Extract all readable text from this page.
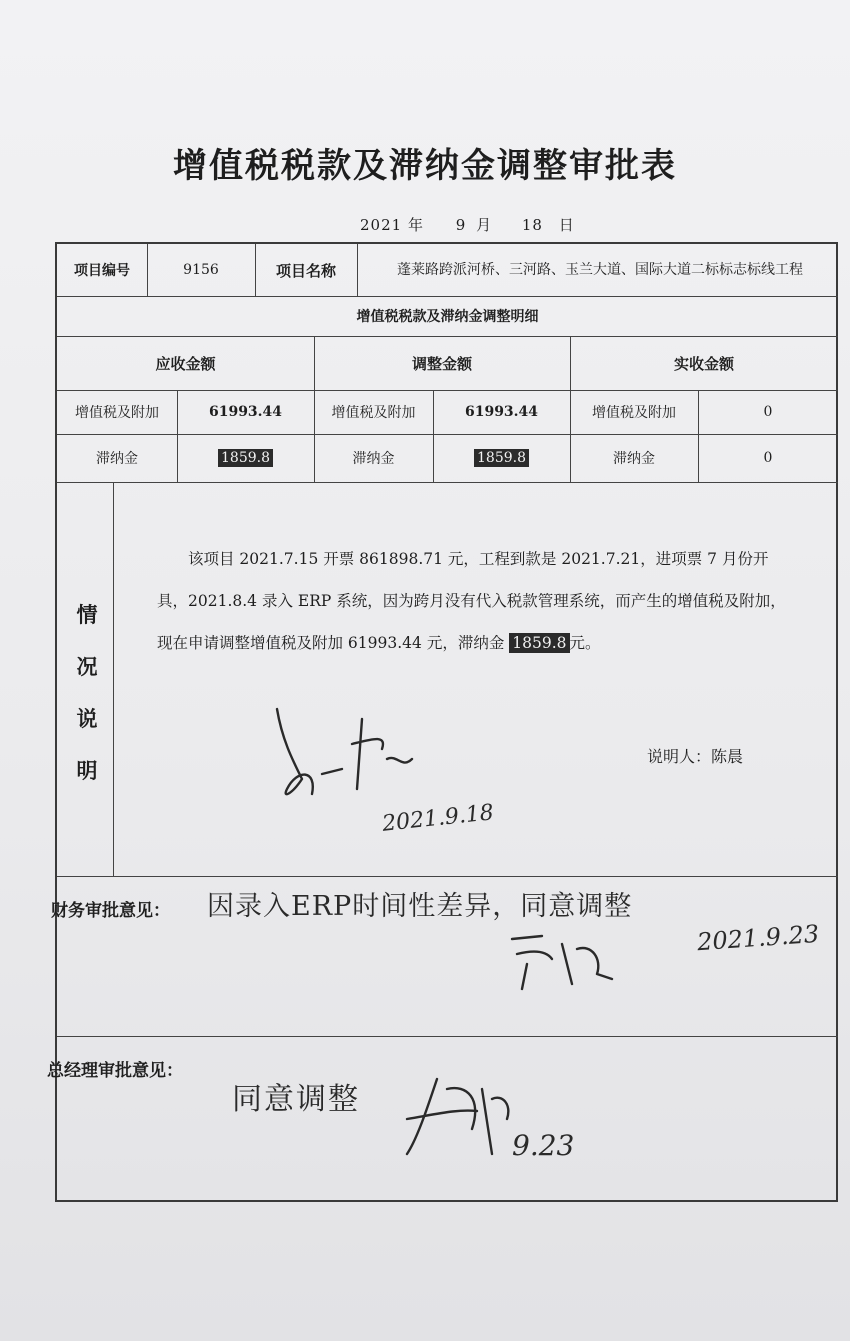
增值税税款及滞纳金调整审批表
2021 年 9 月 18 日
项目编号	9156	项目名称	蓬莱路跨派河桥、三河路、玉兰大道、国际大道二标标志标线工程
增值税税款及滞纳金调整明细
应收金额	调整金额	实收金额
增值税及附加	61993.44	增值税及附加	61993.44	增值税及附加	0
滞纳金	1859.8	滞纳金	1859.8	滞纳金	0
情
况
说
明
该项目 2021.7.15 开票 861898.71 元，工程到款是 2021.7.21，进项票 7 月份开具，2021.8.4 录入 ERP 系统，因为跨月没有代入税款管理系统，而产生的增值税及附加，现在申请调整增值税及附加 61993.44 元，滞纳金 1859.8 元。
说明人：陈晨
2021.9.18
财务审批意见： 因录入ERP时间性差异，同意调整
2021.9.23
总经理审批意见：
同意调整
9.23
